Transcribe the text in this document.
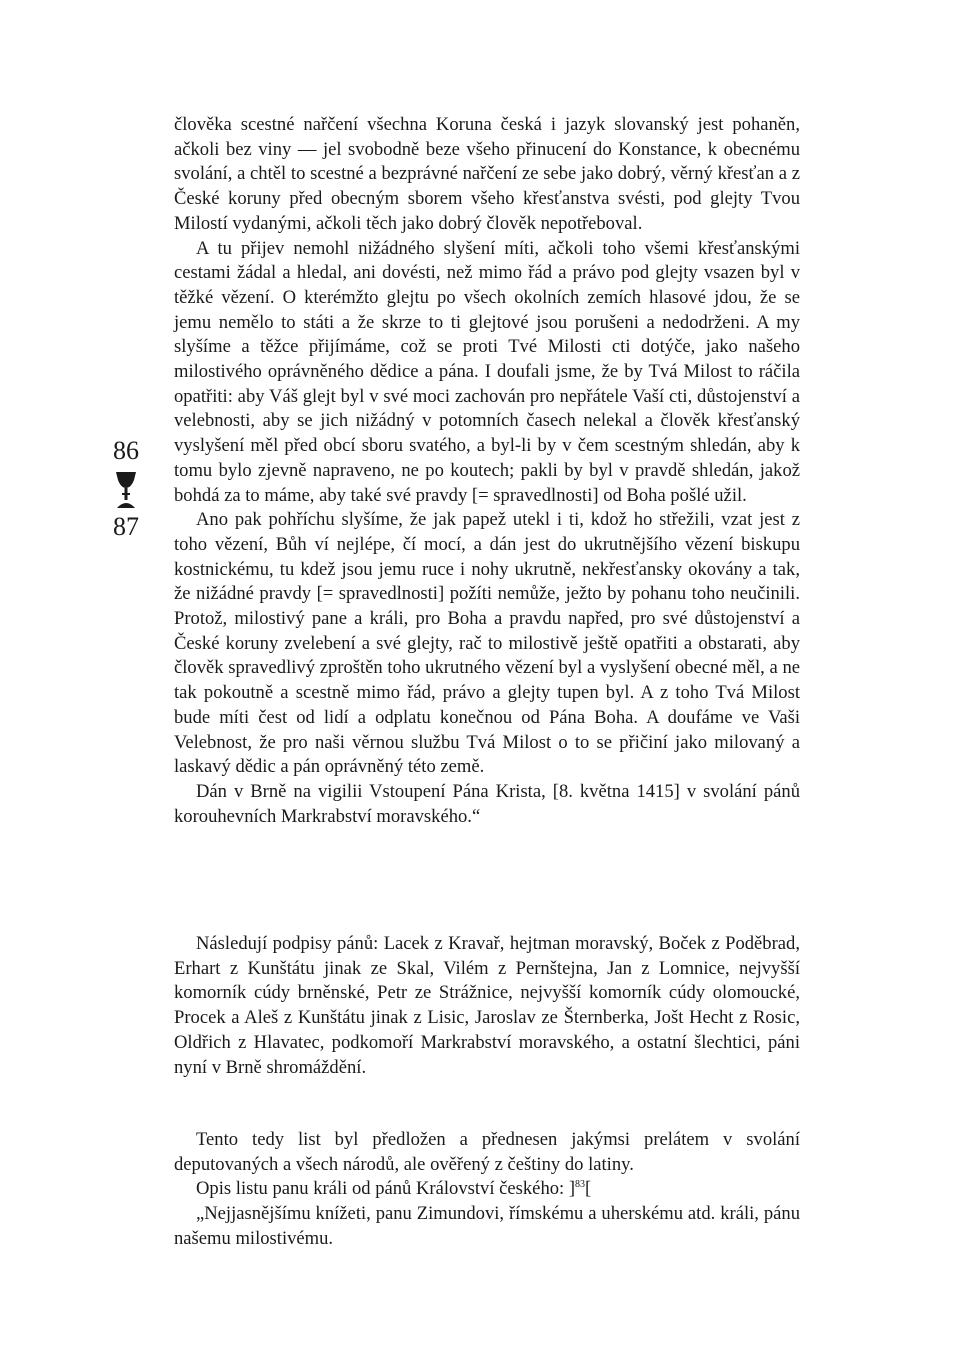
86
87

člověka scestné nařčení všechna Koruna česká i jazyk slovanský jest pohaněn, ačkoli bez viny — jel svobodně beze všeho přinucení do Konstance, k obecnému svolání, a chtěl to scestné a bezprávné nařčení ze sebe jako dobrý, věrný křesťan a z České koruny před obecným sborem všeho křesťanstva svésti, pod glejty Tvou Milostí vydanými, ačkoli těch jako dobrý člověk nepotřeboval.

A tu přijev nemohl nižádného slyšení míti, ačkoli toho všemi křesťanskými cestami žádal a hledal, ani dovésti, než mimo řád a právo pod glejty vsazen byl v těžké vězení. O kterémžto glejtu po všech okolních zemích hlasové jdou, že se jemu nemělo to státi a že skrze to ti glejtové jsou porušeni a nedodrženi. A my slyšíme a těžce přijímáme, což se proti Tvé Milosti cti dotýče, jako našeho milostivého oprávněného dědice a pána. I doufali jsme, že by Tvá Milost to ráčila opatřiti: aby Váš glejt byl v své moci zachován pro nepřátele Vaší cti, důstojenství a velebnosti, aby se jich nižádný v potomních časech nelekal a člověk křesťanský vyslyšení měl před obcí sboru svatého, a byl-li by v čem scestným shledán, aby k tomu bylo zjevně napraveno, ne po koutech; pakli by byl v pravdě shledán, jakož bohdá za to máme, aby také své pravdy [= spravedlnosti] od Boha pošlé užil.

Ano pak pohříchu slyšíme, že jak papež utekl i ti, kdož ho střežili, vzat jest z toho vězení, Bůh ví nejlépe, čí mocí, a dán jest do ukrutnějšího vězení biskupu kostnickému, tu kdež jsou jemu ruce i nohy ukrutně, nekřesťansky okovány a tak, že nižádné pravdy [= spravedlnosti] požíti nemůže, ježto by pohanu toho neučinili. Protož, milostivý pane a králi, pro Boha a pravdu napřed, pro své důstojenství a České koruny zvelebení a své glejty, rač to milostivě ještě opatřiti a obstarati, aby člověk spravedlivý zproštěn toho ukrutného vězení byl a vyslyšení obecné měl, a ne tak pokoutně a scestně mimo řád, právo a glejty tupen byl. A z toho Tvá Milost bude míti čest od lidí a odplatu konečnou od Pána Boha. A doufáme ve Vaši Velebnost, že pro naši věrnou službu Tvá Milost o to se přičiní jako milovaný a laskavý dědic a pán oprávněný této země.

Dán v Brně na vigilii Vstoupení Pána Krista, [8. května 1415] v svolání pánů korouhevních Markrabství moravského.“

Následují podpisy pánů: Lacek z Kravař, hejtman moravský, Boček z Poděbrad, Erhart z Kunštátu jinak ze Skal, Vilém z Pernštejna, Jan z Lomnice, nejvyšší komorník cúdy brněnské, Petr ze Strážnice, nejvyšší komorník cúdy olomoucké, Procek a Aleš z Kunštátu jinak z Lisic, Jaroslav ze Šternberka, Jošt Hecht z Rosic, Oldřich z Hlavatec, podkomoří Markrabství moravského, a ostatní šlechtici, páni nyní v Brně shromáždění.

Tento tedy list byl předložen a přednesen jakýmsi prelátem v svolání deputovaných a všech národů, ale ověřený z češtiny do latiny.

Opis listu panu králi od pánů Království českého: ]$^{83}$[

„Nejjasnějšímu knížeti, panu Zimundovi, římskému a uherskému atd. králi, pánu našemu milostivému.
